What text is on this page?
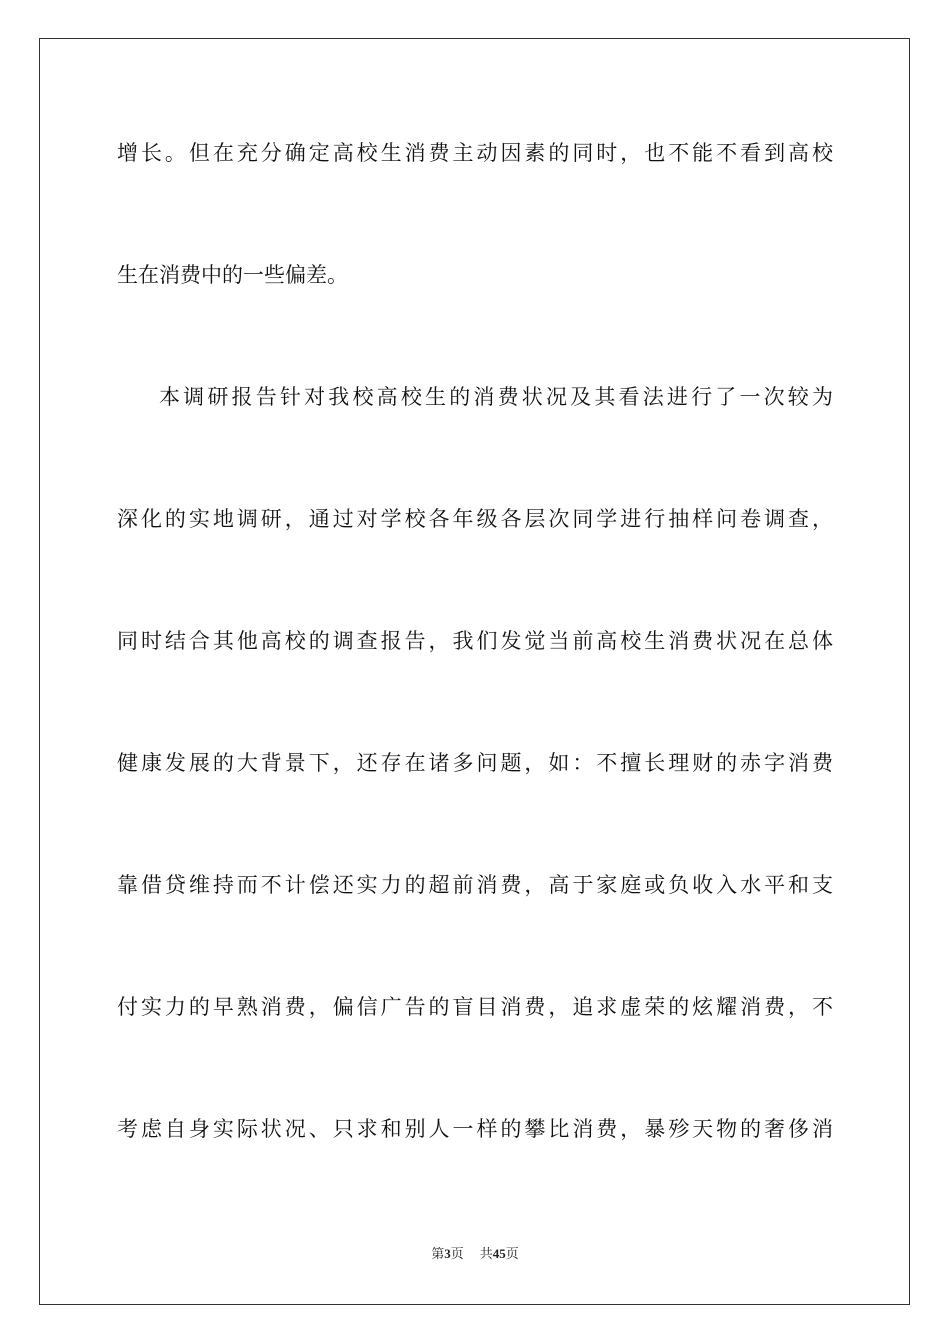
增长。但在充分确定高校生消费主动因素的同时，也不能不看到高校
生在消费中的一些偏差。
本调研报告针对我校高校生的消费状况及其看法进行了一次较为
深化的实地调研，通过对学校各年级各层次同学进行抽样问卷调查，
同时结合其他高校的调查报告，我们发觉当前高校生消费状况在总体
健康发展的大背景下，还存在诸多问题，如：不擅长理财的赤字消费
靠借贷维持而不计偿还实力的超前消费，高于家庭或负收入水平和支
付实力的早熟消费，偏信广告的盲目消费，追求虚荣的炫耀消费，不
考虑自身实际状况、只求和别人一样的攀比消费，暴殄天物的奢侈消
第3页 共45页
